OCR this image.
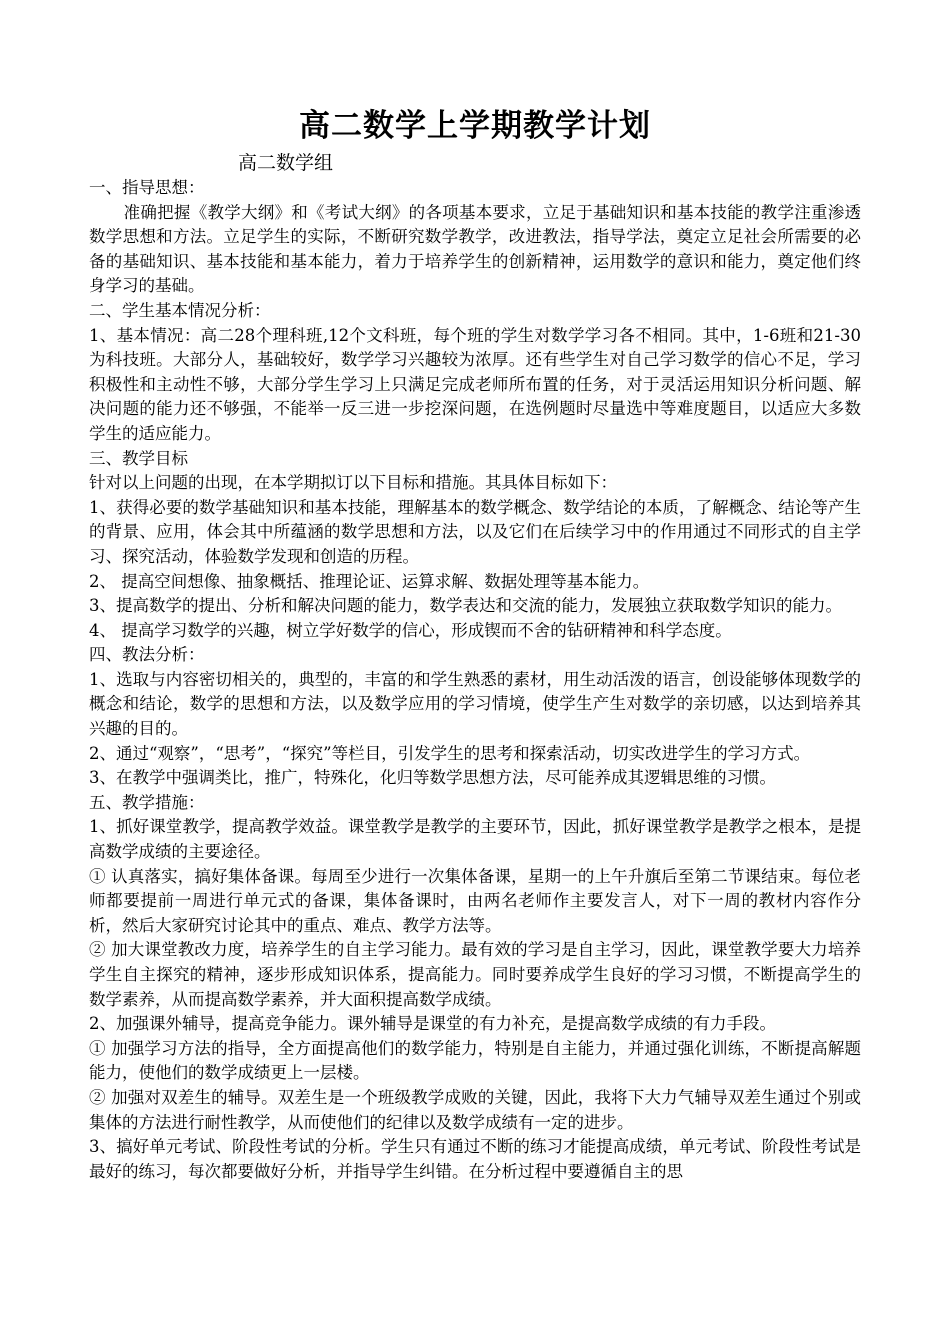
高二数学上学期教学计划
高二数学组
一、指导思想：
准确把握《教学大纲》和《考试大纲》的各项基本要求，立足于基础知识和基本技能的教学注重渗透数学思想和方法。立足学生的实际，不断研究数学教学，改进教法，指导学法，奠定立足社会所需要的必备的基础知识、基本技能和基本能力，着力于培养学生的创新精神，运用数学的意识和能力，奠定他们终身学习的基础。
二、学生基本情况分析：
1、基本情况：高二28个理科班,12个文科班，每个班的学生对数学学习各不相同。其中，1-6班和21-30为科技班。大部分人，基础较好，数学学习兴趣较为浓厚。还有些学生对自己学习数学的信心不足，学习积极性和主动性不够，大部分学生学习上只满足完成老师所布置的任务，对于灵活运用知识分析问题、解决问题的能力还不够强，不能举一反三进一步挖深问题，在选例题时尽量选中等难度题目，以适应大多数学生的适应能力。
三、教学目标
针对以上问题的出现，在本学期拟订以下目标和措施。其具体目标如下：
1、获得必要的数学基础知识和基本技能，理解基本的数学概念、数学结论的本质，了解概念、结论等产生的背景、应用，体会其中所蕴涵的数学思想和方法，以及它们在后续学习中的作用通过不同形式的自主学习、探究活动，体验数学发现和创造的历程。
2、 提高空间想像、抽象概括、推理论证、运算求解、数据处理等基本能力。
3、提高数学的提出、分析和解决问题的能力，数学表达和交流的能力，发展独立获取数学知识的能力。
4、 提高学习数学的兴趣，树立学好数学的信心，形成锲而不舍的钻研精神和科学态度。
四、教法分析：
1、选取与内容密切相关的，典型的，丰富的和学生熟悉的素材，用生动活泼的语言，创设能够体现数学的概念和结论，数学的思想和方法，以及数学应用的学习情境，使学生产生对数学的亲切感，以达到培养其兴趣的目的。
2、通过“观察”，“思考”，“探究”等栏目，引发学生的思考和探索活动，切实改进学生的学习方式。
3、在教学中强调类比，推广，特殊化，化归等数学思想方法，尽可能养成其逻辑思维的习惯。
五、教学措施：
1、抓好课堂教学，提高教学效益。课堂教学是教学的主要环节，因此，抓好课堂教学是教学之根本，是提高数学成绩的主要途径。
① 认真落实，搞好集体备课。每周至少进行一次集体备课，星期一的上午升旗后至第二节课结束。每位老师都要提前一周进行单元式的备课，集体备课时，由两名老师作主要发言人，对下一周的教材内容作分析，然后大家研究讨论其中的重点、难点、教学方法等。
② 加大课堂教改力度，培养学生的自主学习能力。最有效的学习是自主学习，因此，课堂教学要大力培养学生自主探究的精神，逐步形成知识体系，提高能力。同时要养成学生良好的学习习惯，不断提高学生的数学素养，从而提高数学素养，并大面积提高数学成绩。
2、加强课外辅导，提高竞争能力。课外辅导是课堂的有力补充，是提高数学成绩的有力手段。
① 加强学习方法的指导，全方面提高他们的数学能力，特别是自主能力，并通过强化训练，不断提高解题能力，使他们的数学成绩更上一层楼。
② 加强对双差生的辅导。双差生是一个班级教学成败的关键，因此，我将下大力气辅导双差生通过个别或集体的方法进行耐性教学，从而使他们的纪律以及数学成绩有一定的进步。
3、搞好单元考试、阶段性考试的分析。学生只有通过不断的练习才能提高成绩，单元考试、阶段性考试是最好的练习，每次都要做好分析，并指导学生纠错。在分析过程中要遵循自主的思
